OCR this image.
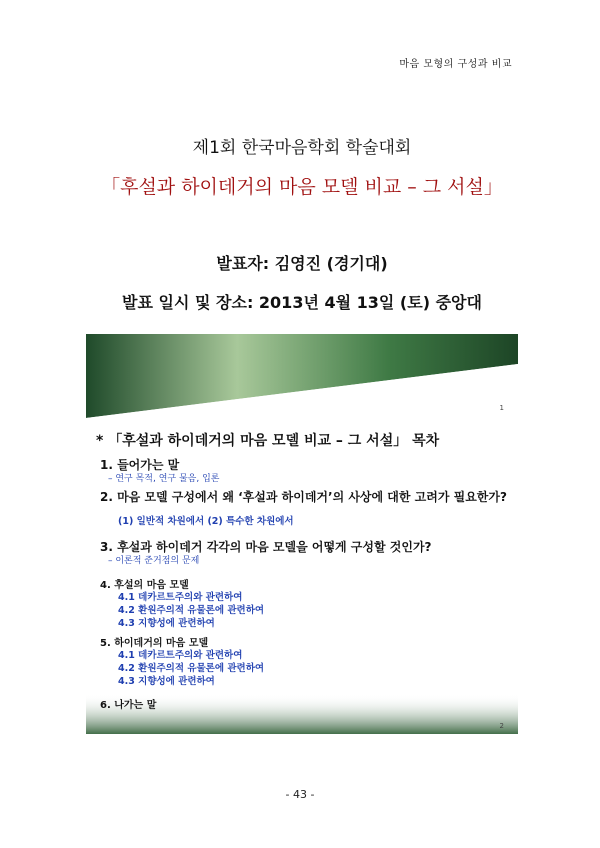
마음 모형의 구성과 비교
제1회 한국마음학회 학술대회
「후설과 하이데거의 마음 모델 비교 – 그 서설」
발표자: 김영진 (경기대)
발표 일시 및 장소: 2013년 4월 13일 (토) 중앙대
1
* 「후설과 하이데거의 마음 모델 비교 – 그 서설」 목차
1. 들어가는 말
– 연구 목적, 연구 물음, 입론
2. 마음 모델 구성에서 왜 ‘후설과 하이데거’의 사상에 대한 고려가 필요한가?
(1) 일반적 차원에서 (2) 특수한 차원에서
3. 후설과 하이데거 각각의 마음 모델을 어떻게 구성할 것인가?
– 이론적 준거점의 문제
4. 후설의 마음 모델
4.1 데카르트주의와 관련하여
4.2 환원주의적 유물론에 관련하여
4.3 지향성에 관련하여
5. 하이데거의 마음 모델
4.1 데카르트주의와 관련하여
4.2 환원주의적 유물론에 관련하여
4.3 지향성에 관련하여
6. 나가는 말
2
- 43 -
